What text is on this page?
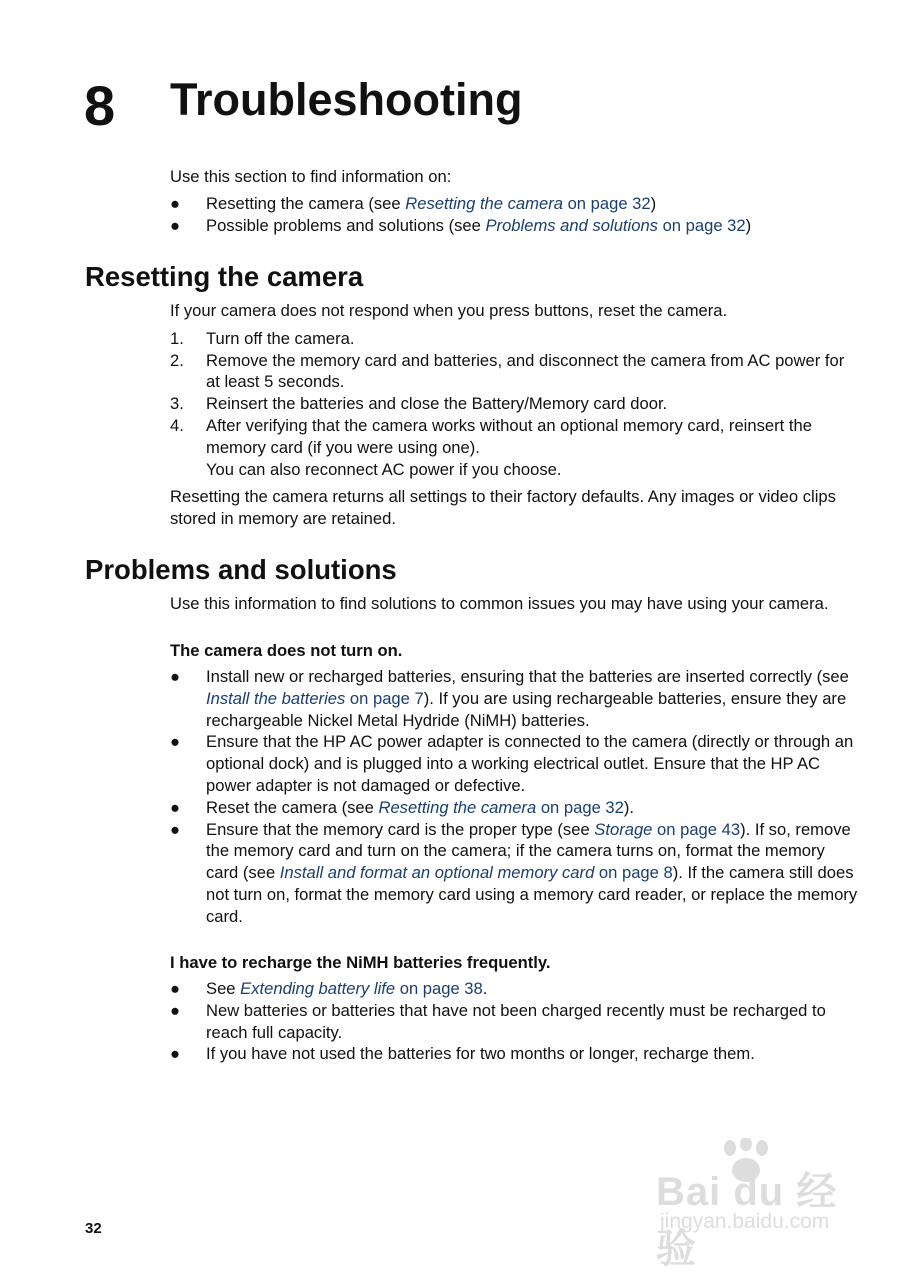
8 Troubleshooting

Use this section to find information on:

● Resetting the camera (see Resetting the camera on page 32)
● Possible problems and solutions (see Problems and solutions on page 32)
Resetting the camera

If your camera does not respond when you press buttons, reset the camera.

1. Turn off the camera.
2. Remove the memory card and batteries, and disconnect the camera from AC power for at least 5 seconds.
3. Reinsert the batteries and close the Battery/Memory card door.
4. After verifying that the camera works without an optional memory card, reinsert the memory card (if you were using one).
You can also reconnect AC power if you choose.

Resetting the camera returns all settings to their factory defaults. Any images or video clips stored in memory are retained.

Problems and solutions
Use this information to find solutions to common issues you may have using your camera.
The camera does not turn on.
● Install new or recharged batteries, ensuring that the batteries are inserted correctly (see Install the batteries on page 7). If you are using rechargeable batteries, ensure they are rechargeable Nickel Metal Hydride (NiMH) batteries.
● Ensure that the HP AC power adapter is connected to the camera (directly or through an optional dock) and is plugged into a working electrical outlet. Ensure that the HP AC power adapter is not damaged or defective.
● Reset the camera (see Resetting the camera on page 32).
● Ensure that the memory card is the proper type (see Storage on page 43). If so, remove the memory card and turn on the camera; if the camera turns on, format the memory card (see Install and format an optional memory card on page 8). If the camera still does not turn on, format the memory card using a memory card reader, or replace the memory card.
I have to recharge the NiMH batteries frequently.
● See Extending battery life on page 38.
● New batteries or batteries that have not been charged recently must be recharged to reach full capacity.
● If you have not used the batteries for two months or longer, recharge them.
32
Bai du 经验
jingyan.baidu.com
